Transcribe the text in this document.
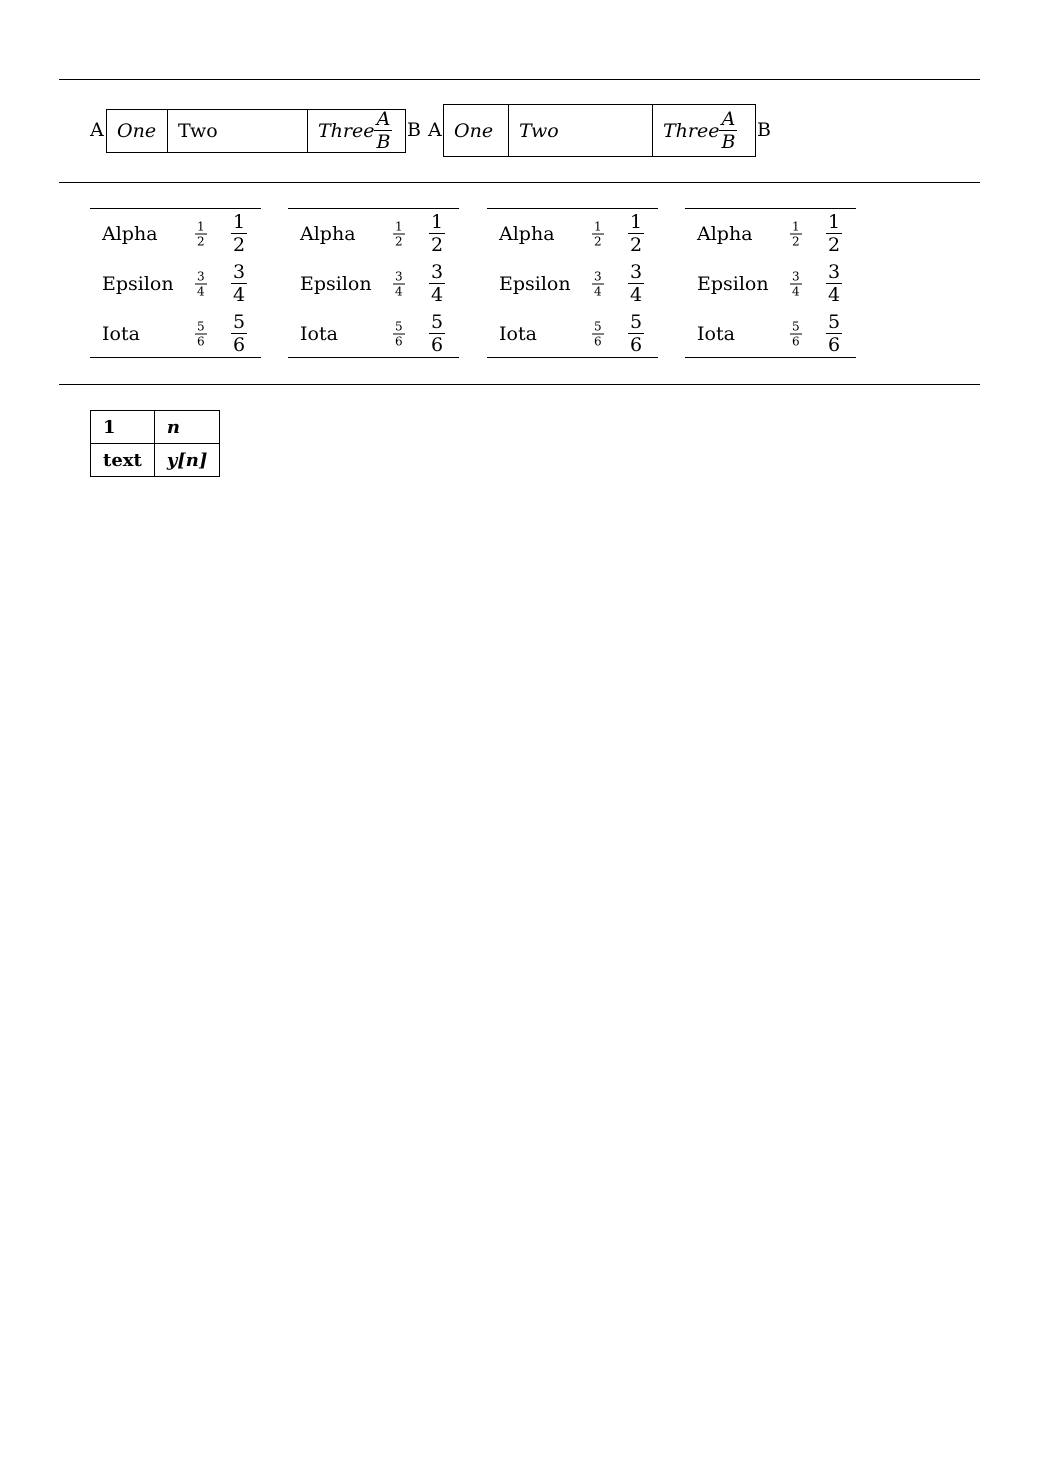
A One Two	Three $\frac{A}{B}$ B A One Two	Three $\frac{A}{B}$ B
Alpha	$\frac{1}{2} \frac{1}{2}$
Epsilon $\frac{3}{4} \frac{3}{4}$
Iota	$\frac{5}{6} \frac{5}{6}$
Alpha	$\frac{1}{2} \frac{1}{2}$
Epsilon $\frac{3}{4} \frac{3}{4}$
Iota	$\frac{5}{6} \frac{5}{6}$
Alpha	$\frac{1}{2} \frac{1}{2}$
Epsilon $\frac{3}{4} \frac{3}{4}$
Iota	$\frac{5}{6} \frac{5}{6}$
Alpha	$\frac{1}{2} \frac{1}{2}$
Epsilon $\frac{3}{4} \frac{3}{4}$
Iota	$\frac{5}{6} \frac{5}{6}$
1	n
text	y[n]
